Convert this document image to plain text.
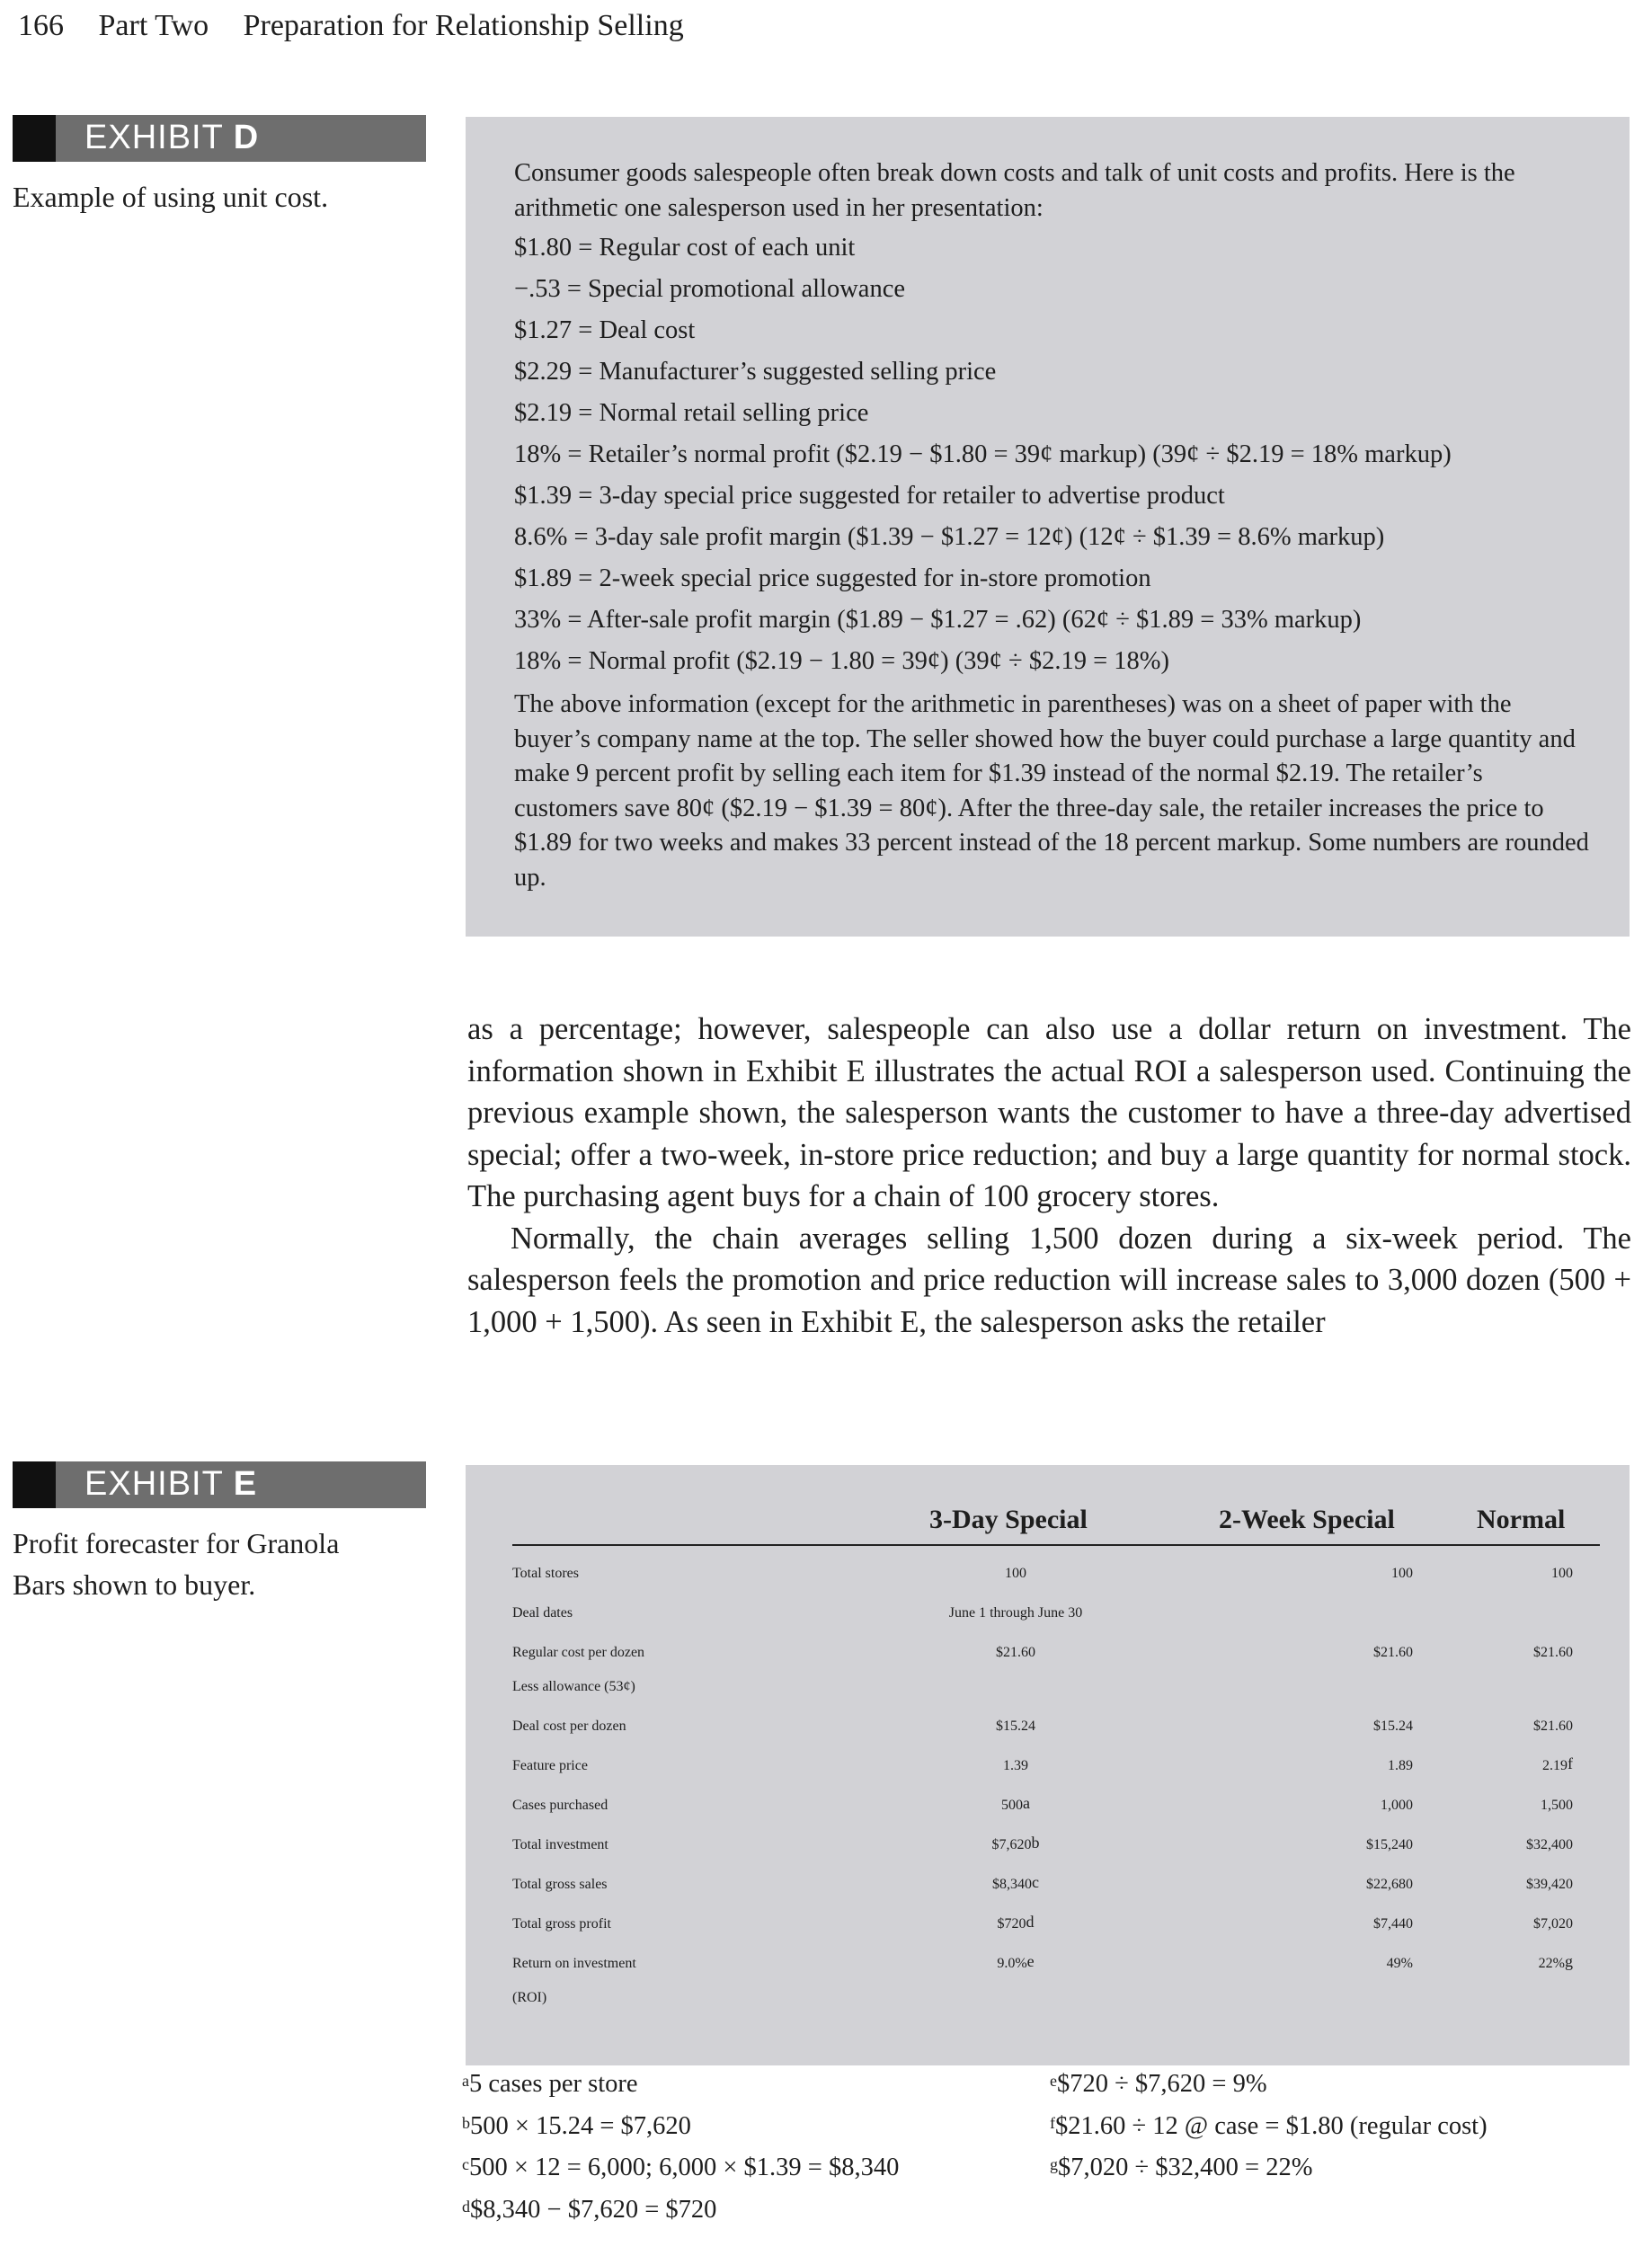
166 Part Two Preparation for Relationship Selling
EXHIBIT D
Example of using unit cost.
Consumer goods salespeople often break down costs and talk of unit costs and profits. Here is the arithmetic one salesperson used in her presentation:
$1.80 = Regular cost of each unit
−.53 = Special promotional allowance
$1.27 = Deal cost
$2.29 = Manufacturer’s suggested selling price
$2.19 = Normal retail selling price
18% = Retailer’s normal profit ($2.19 − $1.80 = 39¢ markup) (39¢ ÷ $2.19 = 18% markup)
$1.39 = 3-day special price suggested for retailer to advertise product
8.6% = 3-day sale profit margin ($1.39 − $1.27 = 12¢) (12¢ ÷ $1.39 = 8.6% markup)
$1.89 = 2-week special price suggested for in-store promotion
33% = After-sale profit margin ($1.89 − $1.27 = .62) (62¢ ÷ $1.89 = 33% markup)
18% = Normal profit ($2.19 − 1.80 = 39¢) (39¢ ÷ $2.19 = 18%)
The above information (except for the arithmetic in parentheses) was on a sheet of paper with the buyer’s company name at the top. The seller showed how the buyer could purchase a large quantity and make 9 percent profit by selling each item for $1.39 instead of the normal $2.19. The retailer’s customers save 80¢ ($2.19 − $1.39 = 80¢). After the three-day sale, the retailer increases the price to $1.89 for two weeks and makes 33 percent instead of the 18 percent markup. Some numbers are rounded up.

as a percentage; however, salespeople can also use a dollar return on investment. The information shown in Exhibit E illustrates the actual ROI a salesperson used. Continuing the previous example shown, the salesperson wants the customer to have a three-day advertised special; offer a two-week, in-store price reduction; and buy a large quantity for normal stock. The purchasing agent buys for a chain of 100 grocery stores.

Normally, the chain averages selling 1,500 dozen during a six-week period. The salesperson feels the promotion and price reduction will increase sales to 3,000 dozen (500 + 1,000 + 1,500). As seen in Exhibit E, the salesperson asks the retailer

EXHIBIT E
Profit forecaster for Granola
Bars shown to buyer.
3-Day Special	2-Week Special	Normal
Total stores	100	100	100
Deal dates	June 1 through June 30
Regular cost per dozen	$21.60	$21.60	$21.60
Less allowance (53¢)
Deal cost per dozen	$15.24	$15.24	$21.60
Feature price	1.39	1.89	2.19$^f$
Cases purchased	500$^a$	1,000	1,500
Total investment	$7,620$^b$	$15,240	$32,400
Total gross sales	$8,340$^c$	$22,680	$39,420
Total gross profit	$720$^d$	$7,440	$7,020
Return on investment	9.0%$^e$	49%	22%$^g$
(ROI)
$^a$5 cases per store
$^b$500 × 15.24 = $7,620
$^c$500 × 12 = 6,000; 6,000 × $1.39 = $8,340
$^d$\$8,340 − $7,620 = $720
$^e$\$720 ÷ $7,620 = 9%
$^f$\$21.60 ÷ 12 @ case = $1.80 (regular cost)
$^g$\$7,020 ÷ $32,400 = 22%
